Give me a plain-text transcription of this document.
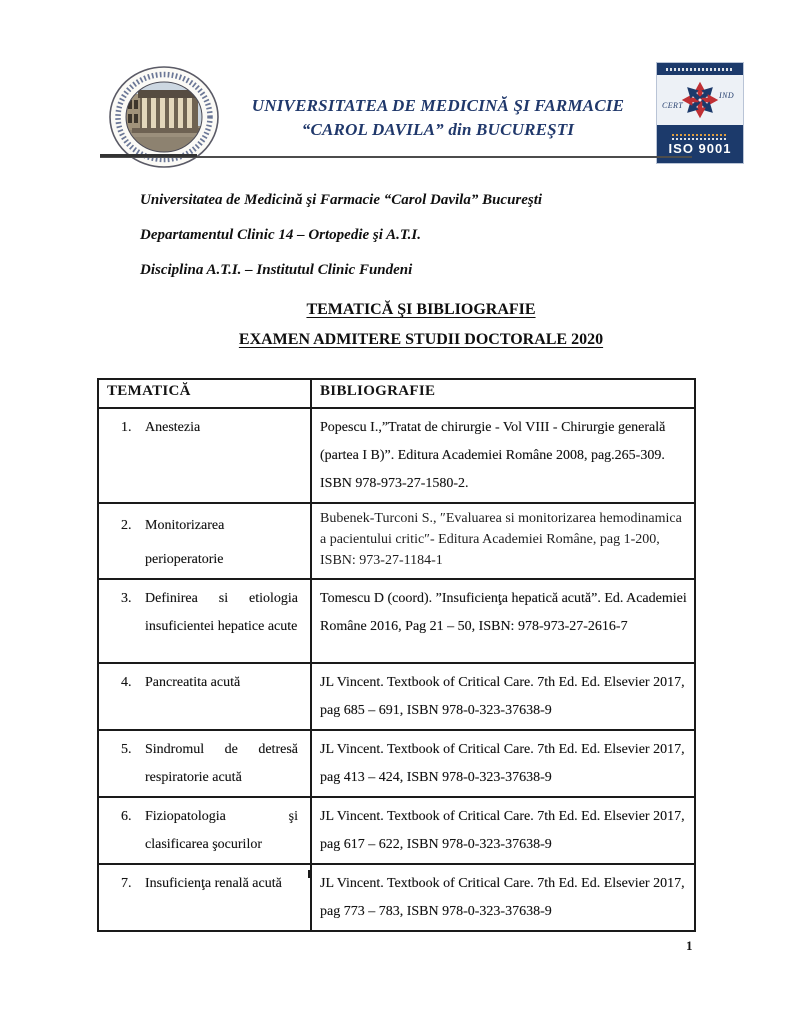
UNIVERSITATEA DE MEDICINĂ ŞI FARMACIE
“CAROL DAVILA” din BUCUREŞTI
CERT
IND
ISO 9001
Universitatea de Medicină şi Farmacie “Carol Davila” Bucureşti
Departamentul Clinic 14 – Ortopedie şi A.T.I.
Disciplina A.T.I. – Institutul Clinic Fundeni
TEMATICĂ ŞI BIBLIOGRAFIE
EXAMEN ADMITERE STUDII DOCTORALE 2020
TEMATICĂ	BIBLIOGRAFIE

1. Anestezia	Popescu I.,”Tratat de chirurgie - Vol VIII - Chirurgie generală (partea I B)”. Editura Academiei Române 2008, pag.265-309. ISBN 978-973-27-1580-2.

2. Monitorizarea perioperatorie	Bubenek-Turconi S., ″Evaluarea si monitorizarea hemodinamica a pacientului critic″- Editura Academiei Române, pag 1-200, ISBN: 973-27-1184-1

3. Definirea si etiologia insuficientei hepatice acute	Tomescu D (coord). ”Insuficienţa hepatică acută”. Ed. Academiei Române 2016, Pag 21 – 50, ISBN: 978-973-27-2616-7

4. Pancreatita acută	JL Vincent. Textbook of Critical Care. 7th Ed. Ed. Elsevier 2017, pag 685 – 691, ISBN 978-0-323-37638-9

5. Sindromul de detresă respiratorie acută	JL Vincent. Textbook of Critical Care. 7th Ed. Ed. Elsevier 2017, pag 413 – 424, ISBN 978-0-323-37638-9

6. Fiziopatologia şi clasificarea şocurilor	JL Vincent. Textbook of Critical Care. 7th Ed. Ed. Elsevier 2017, pag 617 – 622, ISBN 978-0-323-37638-9

7. Insuficienţa renală acută	JL Vincent. Textbook of Critical Care. 7th Ed. Ed. Elsevier 2017, pag 773 – 783, ISBN 978-0-323-37638-9
1
